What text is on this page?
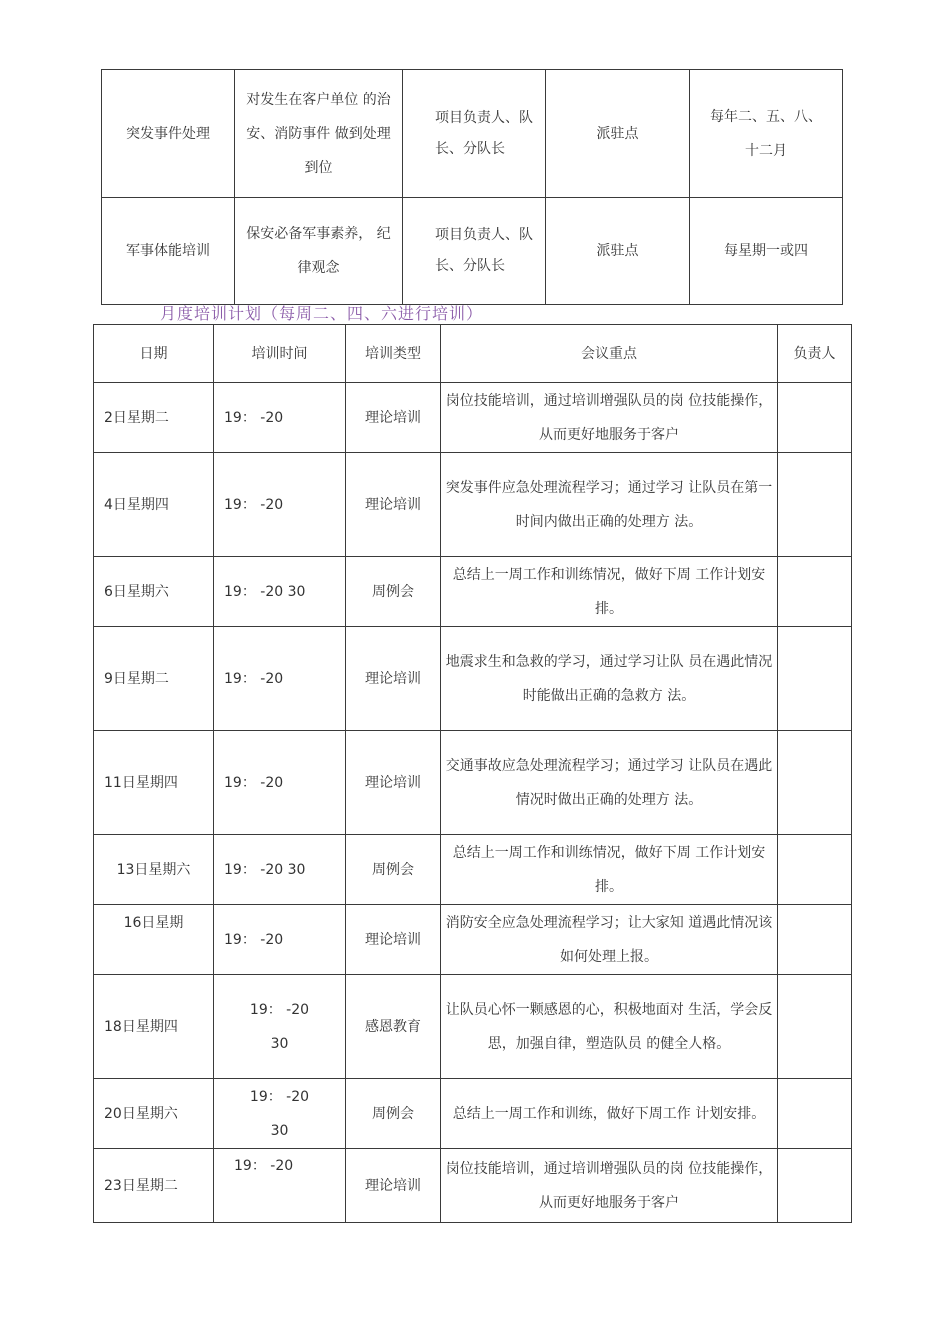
突发事件处理	对发生在客户单位 的治安、消防事件 做到处理到位	项目负责人、队长、分队长	派驻点	每年二、五、八、十二月
军事体能培训	保安必备军事素养， 纪律观念	项目负责人、队长、分队长	派驻点	每星期一或四
月度培训计划（每周二、四、六进行培训）
日期	培训时间	培训类型	会议重点	负责人
2日星期二	19： -20	理论培训	岗位技能培训，通过培训增强队员的岗 位技能操作，从而更好地服务于客户	
4日星期四	19： -20	理论培训	突发事件应急处理流程学习；通过学习 让队员在第一时间内做出正确的处理方 法。	
6日星期六	19： -20 30	周例会	总结上一周工作和训练情况，做好下周 工作计划安排。	
9日星期二	19： -20	理论培训	地震求生和急救的学习，通过学习让队 员在遇此情况时能做出正确的急救方 法。	
11日星期四	19： -20	理论培训	交通事故应急处理流程学习；通过学习 让队员在遇此情况时做出正确的处理方 法。	
13日星期六	19： -20 30	周例会	总结上一周工作和训练情况，做好下周 工作计划安排。	
16日星期	19： -20	理论培训	消防安全应急处理流程学习；让大家知 道遇此情况该如何处理上报。	
18日星期四	19： -20 30	感恩教育	让队员心怀一颗感恩的心，积极地面对 生活，学会反思，加强自律，塑造队员 的健全人格。	
20日星期六	19： -20 30	周例会	总结上一周工作和训练，做好下周工作 计划安排。	
23日星期二	19： -20	理论培训	岗位技能培训，通过培训增强队员的岗 位技能操作，从而更好地服务于客户	
